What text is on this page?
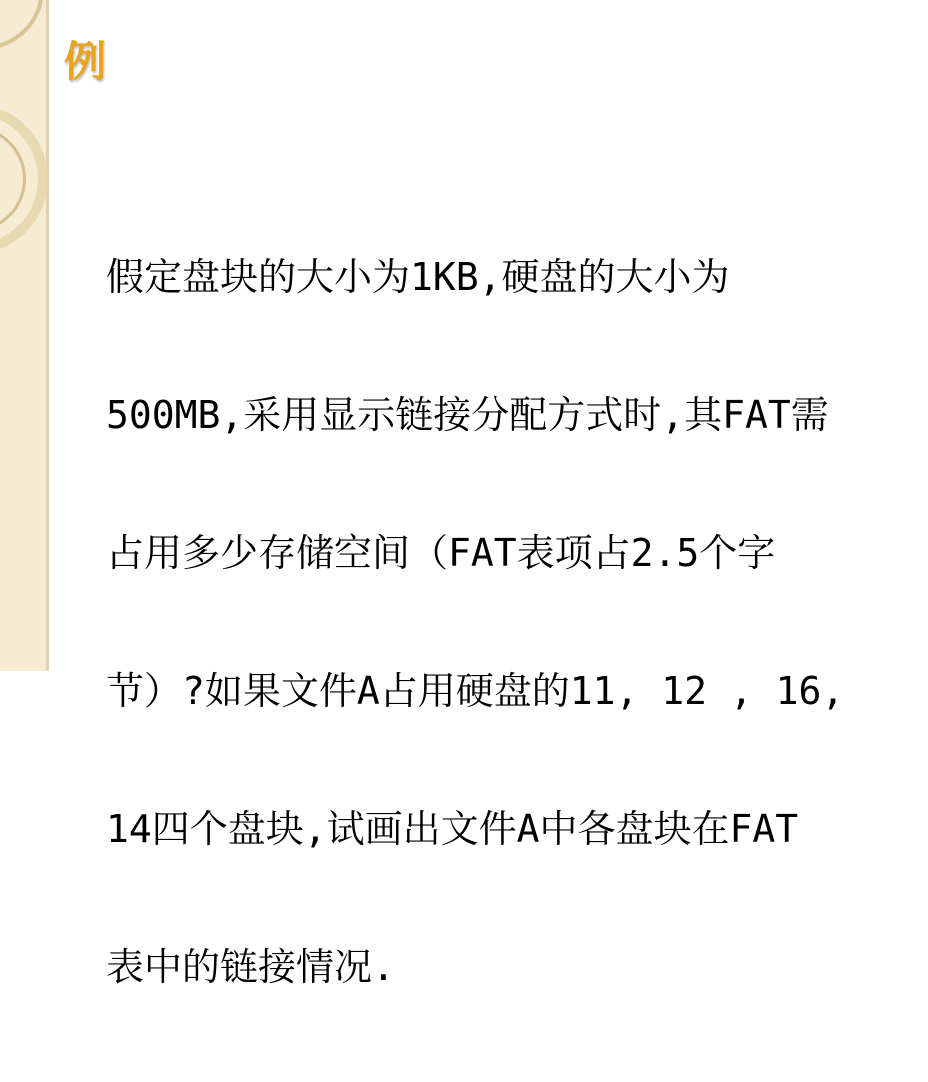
例

假定盘块的大小为1KB,硬盘的大小为

500MB,采用显示链接分配方式时,其FAT需

占用多少存储空间（FAT表项占2.5个字

节）?如果文件A占用硬盘的11, 12 , 16,

14四个盘块,试画出文件A中各盘块在FAT

表中的链接情况.
